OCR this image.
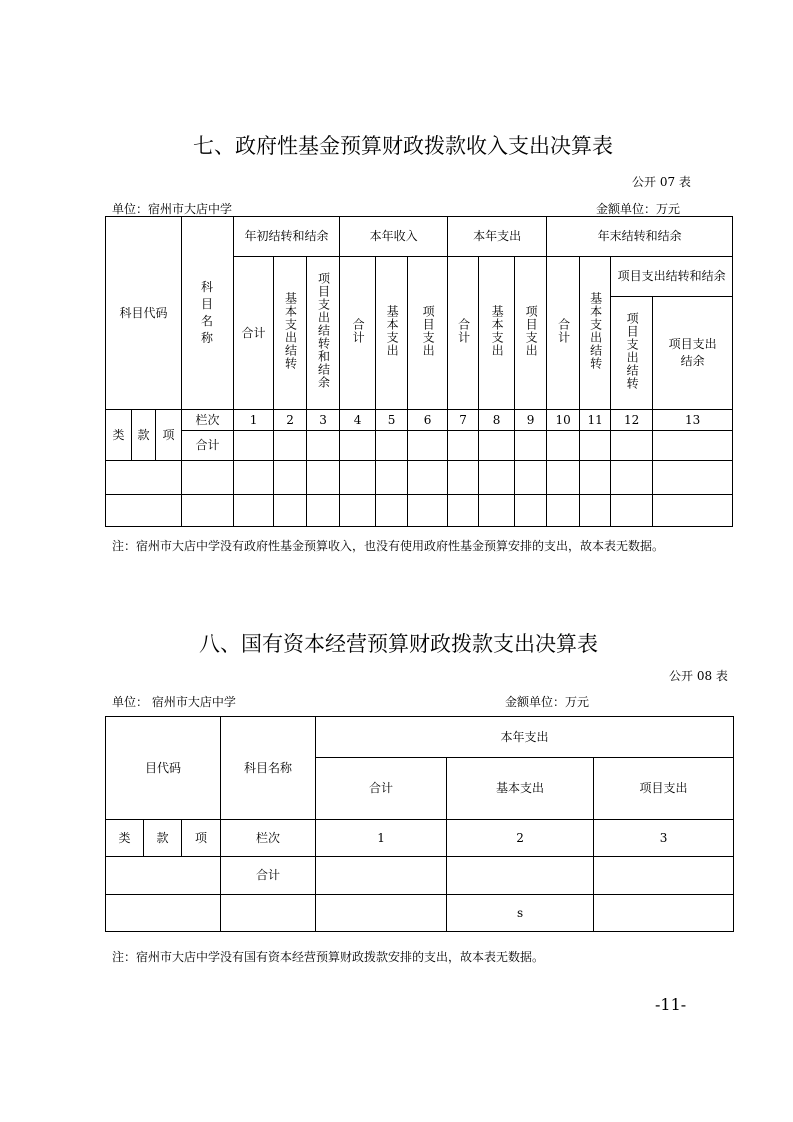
七、政府性基金预算财政拨款收入支出决算表
公开 07 表
单位：宿州市大店中学	金额单位：万元
科目代码			科目名称	年初结转和结余			本年收入			本年支出			年末结转和结余			
				合计	基本支出结转	项目支出结转和结余	合计	基本支出	项目支出	合计	基本支出	项目支出	合计	基本支出结转	项目支出结转和结余	
															项目支出结转	项目支出结余
类	款	项	栏次	1	2	3	4	5	6	7	8	9	10	11	12	13
			合计													

注：宿州市大店中学没有政府性基金预算收入，也没有使用政府性基金预算安排的支出，故本表无数据。
八、国有资本经营预算财政拨款支出决算表
公开 08 表
单位： 宿州市大店中学	金额单位：万元
目代码			科目名称	本年支出		
				合计	基本支出	项目支出
类	款	项	栏次	1	2	3
			合计			
					s	
注：宿州市大店中学没有国有资本经营预算财政拨款安排的支出，故本表无数据。
-11-
